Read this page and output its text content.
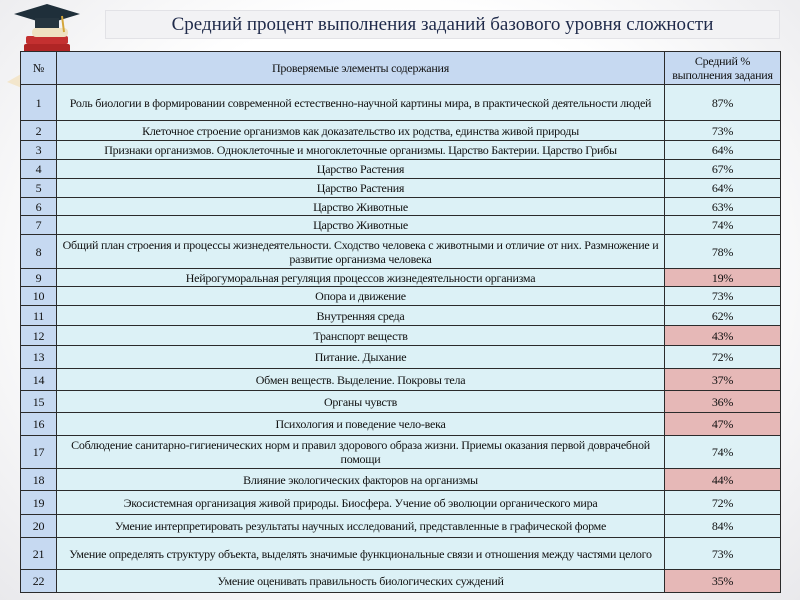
Средний процент выполнения заданий базового уровня сложности
№	Проверяемые элементы содержания	Средний % выполнения задания
1	Роль биологии в формировании современной естественно-научной картины мира, в практической деятельности людей	87%
2	Клеточное строение организмов как доказательство их родства, единства живой природы	73%
3	Признаки организмов. Одноклеточные и многоклеточные организмы. Царство Бактерии. Царство Грибы	64%
4	Царство Растения	67%
5	Царство Растения	64%
6	Царство Животные	63%
7	Царство Животные	74%
8	Общий план строения и процессы жизнедеятельности. Сходство человека с животными и отличие от них. Размножение и развитие организма человека	78%
9	Нейрогуморальная регуляция процессов жизнедеятельности организма	19%
10	Опора и движение	73%
11	Внутренняя среда	62%
12	Транспорт веществ	43%
13	Питание. Дыхание	72%
14	Обмен веществ. Выделение. Покровы тела	37%
15	Органы чувств	36%
16	Психология и поведение чело-века	47%
17	Соблюдение санитарно-гигиенических норм и правил здорового образа жизни. Приемы оказания первой доврачебной помощи	74%
18	Влияние экологических факторов на организмы	44%
19	Экосистемная организация живой природы. Биосфера. Учение об эволюции органического мира	72%
20	Умение интерпретировать результаты научных исследований, представленные в графической форме	84%
21	Умение определять структуру объекта, выделять значимые функциональные связи и отношения между частями целого	73%
22	Умение оценивать правильность биологических суждений	35%
